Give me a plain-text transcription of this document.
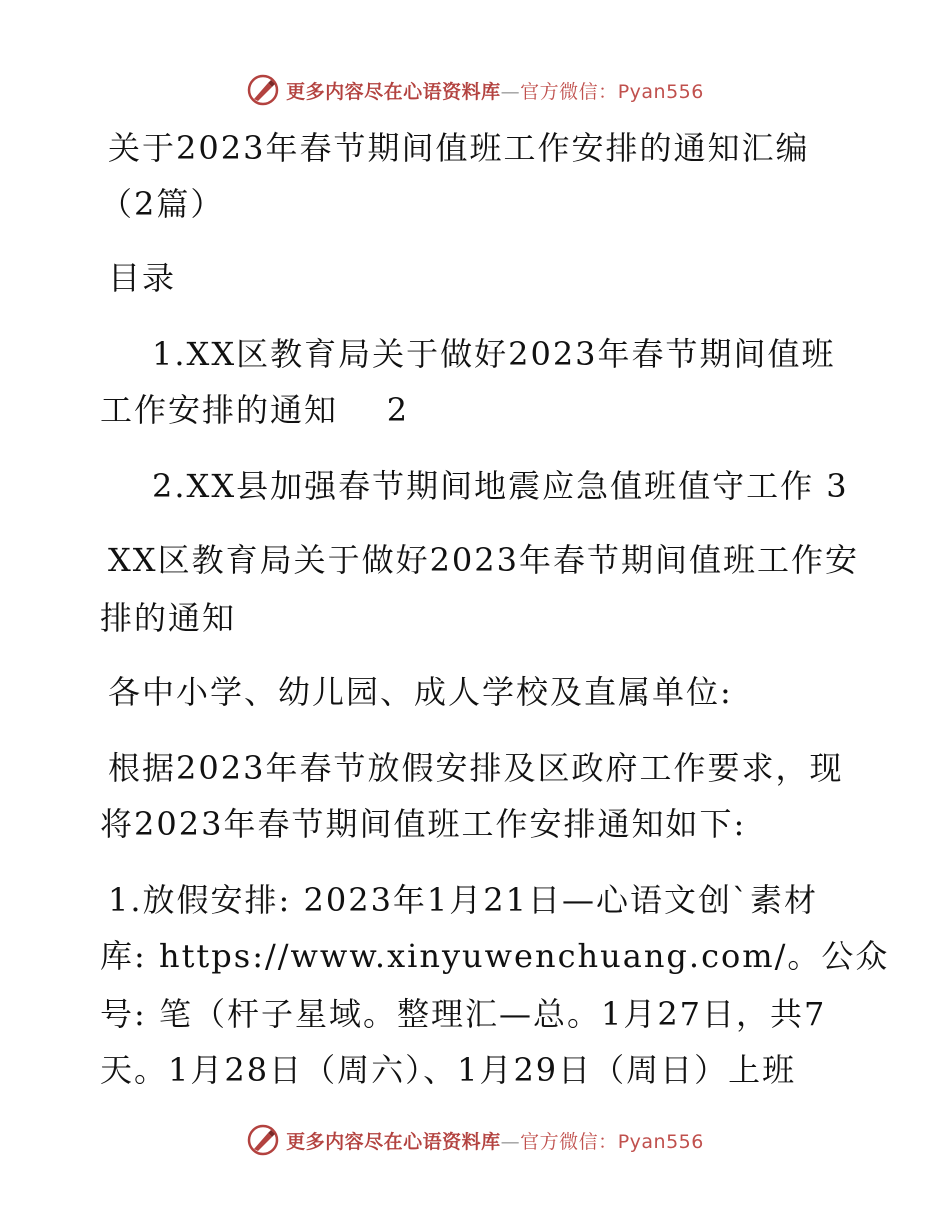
更多内容尽在心语资料库—官方微信：Pyan556
关于2023年春节期间值班工作安排的通知汇编
（2篇）
目录
1.XX区教育局关于做好2023年春节期间值班
工作安排的通知    2
2.XX县加强春节期间地震应急值班值守工作 3
XX区教育局关于做好2023年春节期间值班工作安
排的通知
各中小学、幼儿园、成人学校及直属单位:
根据2023年春节放假安排及区政府工作要求，现
将2023年春节期间值班工作安排通知如下:
1.放假安排: 2023年1月21日—心语文创`素材
库: https://www.xinyuwenchuang.com/。公众
号: 笔（杆子星域。整理汇—总。1月27日，共7
天。1月28日（周六）、1月29日（周日）上班
更多内容尽在心语资料库—官方微信：Pyan556
